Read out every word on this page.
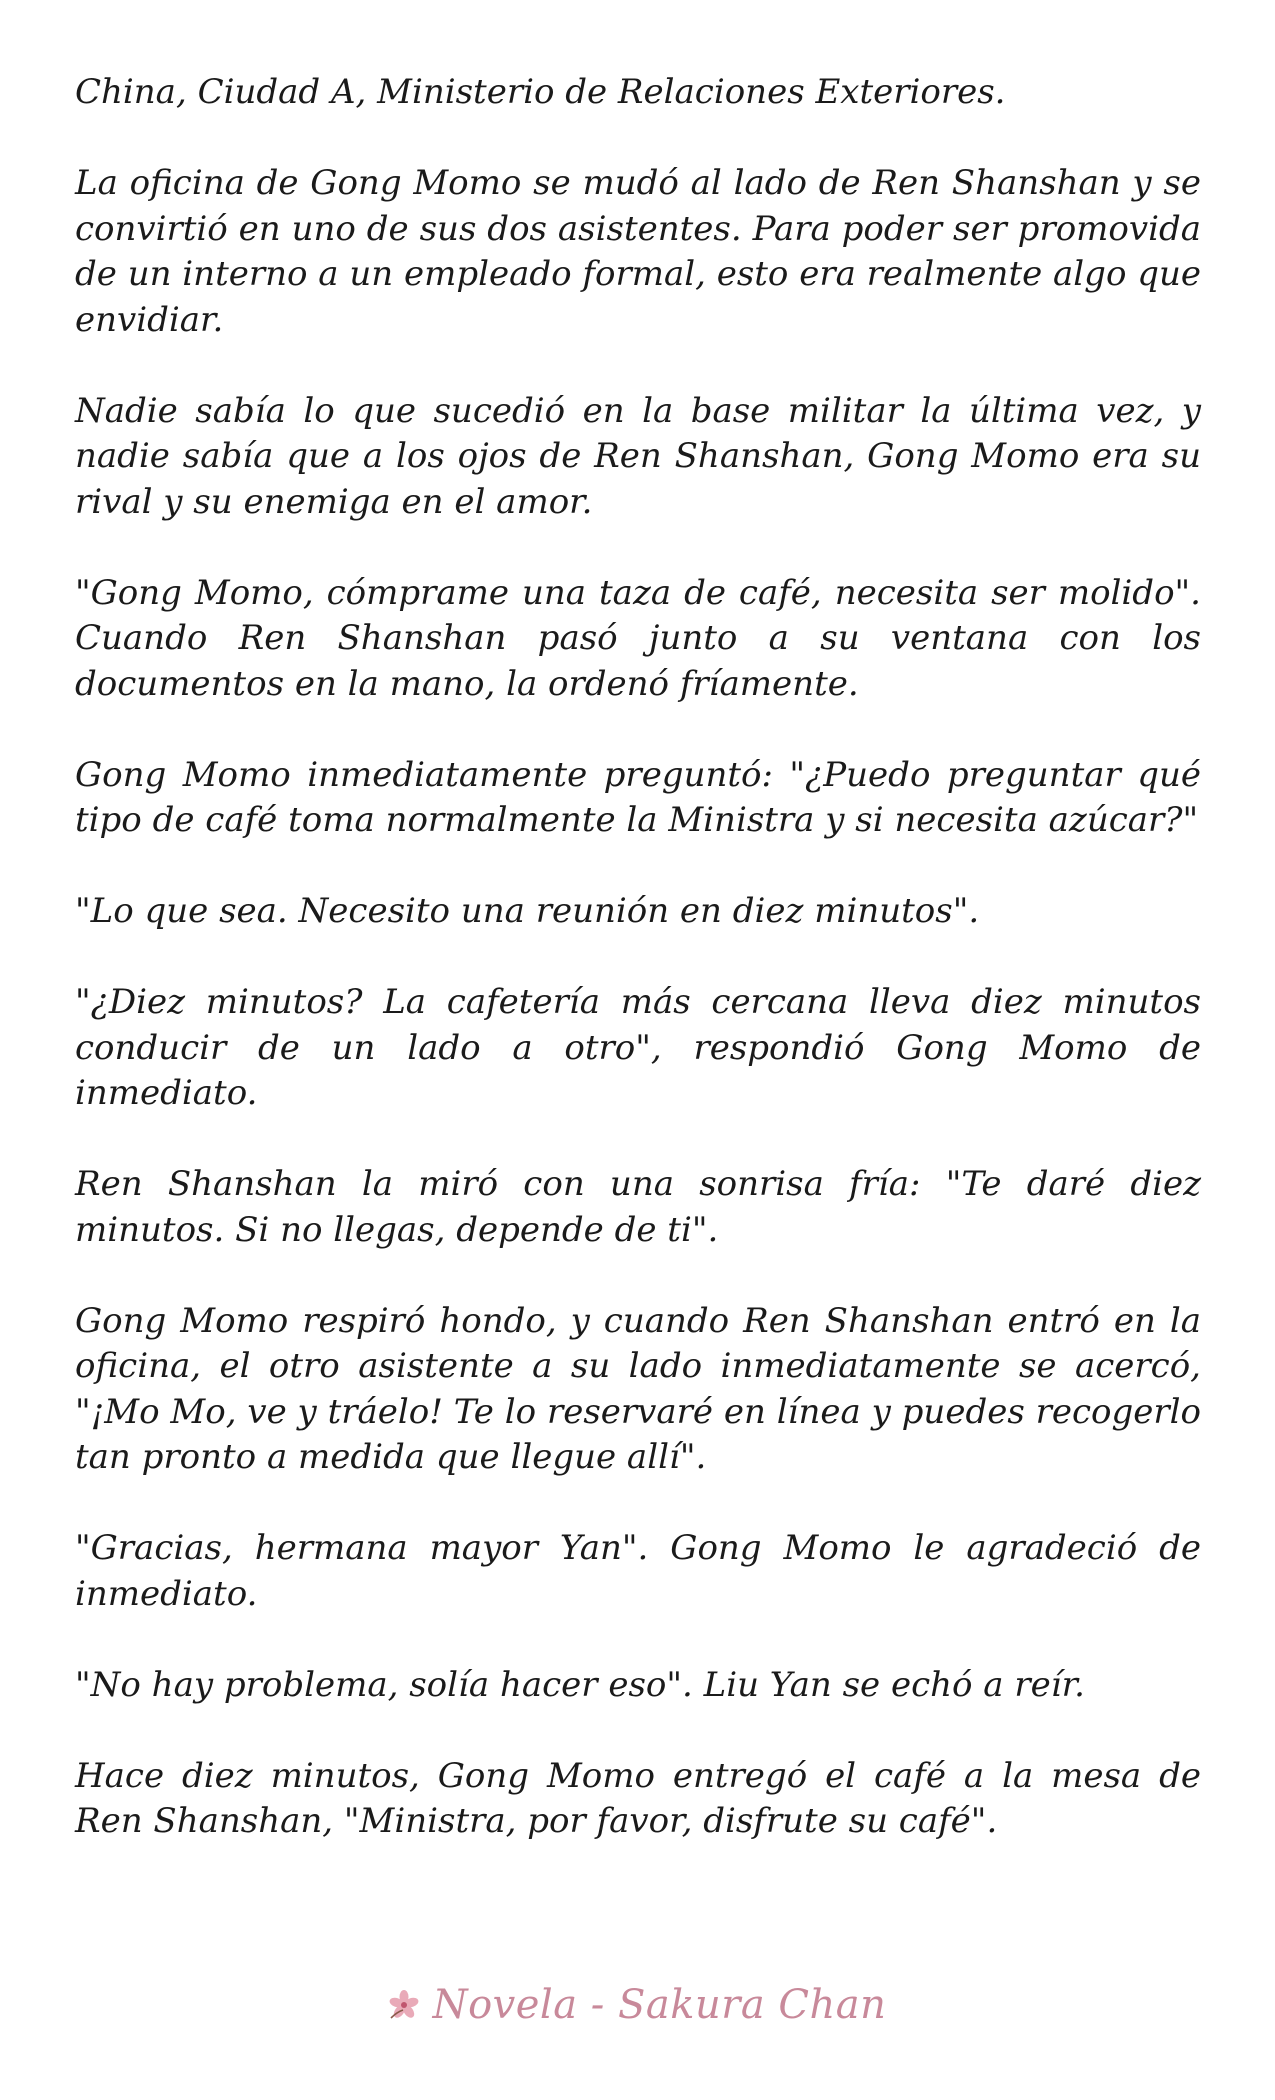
China, Ciudad A, Ministerio de Relaciones Exteriores.

La oficina de Gong Momo se mudó al lado de Ren Shanshan y se convirtió en uno de sus dos asistentes. Para poder ser promovida de un interno a un empleado formal, esto era realmente algo que envidiar.

Nadie sabía lo que sucedió en la base militar la última vez, y nadie sabía que a los ojos de Ren Shanshan, Gong Momo era su rival y su enemiga en el amor.

"Gong Momo, cómprame una taza de café, necesita ser molido". Cuando Ren Shanshan pasó junto a su ventana con los documentos en la mano, la ordenó fríamente.

Gong Momo inmediatamente preguntó: "¿Puedo preguntar qué tipo de café toma normalmente la Ministra y si necesita azúcar?"

"Lo que sea. Necesito una reunión en diez minutos".

"¿Diez minutos? La cafetería más cercana lleva diez minutos conducir de un lado a otro", respondió Gong Momo de inmediato.

Ren Shanshan la miró con una sonrisa fría: "Te daré diez minutos. Si no llegas, depende de ti".

Gong Momo respiró hondo, y cuando Ren Shanshan entró en la oficina, el otro asistente a su lado inmediatamente se acercó, "¡Mo Mo, ve y tráelo! Te lo reservaré en línea y puedes recogerlo tan pronto a medida que llegue allí".

"Gracias, hermana mayor Yan". Gong Momo le agradeció de inmediato.

"No hay problema, solía hacer eso". Liu Yan se echó a reír.

Hace diez minutos, Gong Momo entregó el café a la mesa de Ren Shanshan, "Ministra, por favor, disfrute su café".

Novela - Sakura Chan
